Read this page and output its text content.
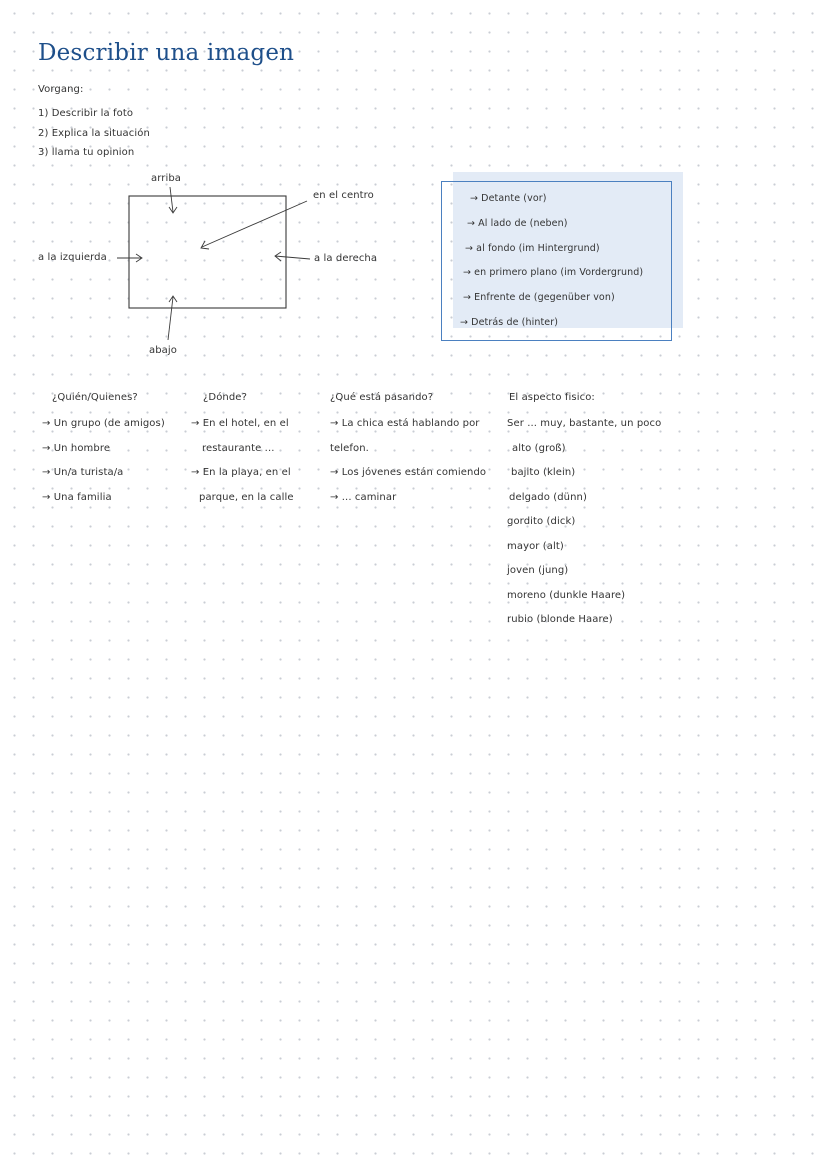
Describir una imagen
Vorgang:
1) Describir la foto
2) Explica la situación
3) llama tu opinion
arriba
abajo
a la izquierda	a la derecha
en el centro	→ Detante (vor)
→ Al lado de (neben)
→ al fondo (im Hintergrund)
→ en primero plano (im Vordergrund)
→ Enfrente de (gegenüber von)
→ Detrás de (hinter)
¿Quién/Quienes?
→ Un grupo (de amigos)
→ Un hombre
→ Un/a turista/a
→ Una familia
¿Dónde?
→ En el hotel, en el
restaurante ...
→ En la playa, en el
parque, en la calle
¿Qué está pasando?
→ La chica está hablando por
telefon.
→ Los jóvenes están comiendo
→ ... caminar
El aspecto fisico:
Ser ... muy, bastante, un poco
alto (groß)
bajito (klein)
delgado (dünn)
gordito (dick)
mayor (alt)
joven (jung)
moreno (dunkle Haare)
rubio (blonde Haare)
